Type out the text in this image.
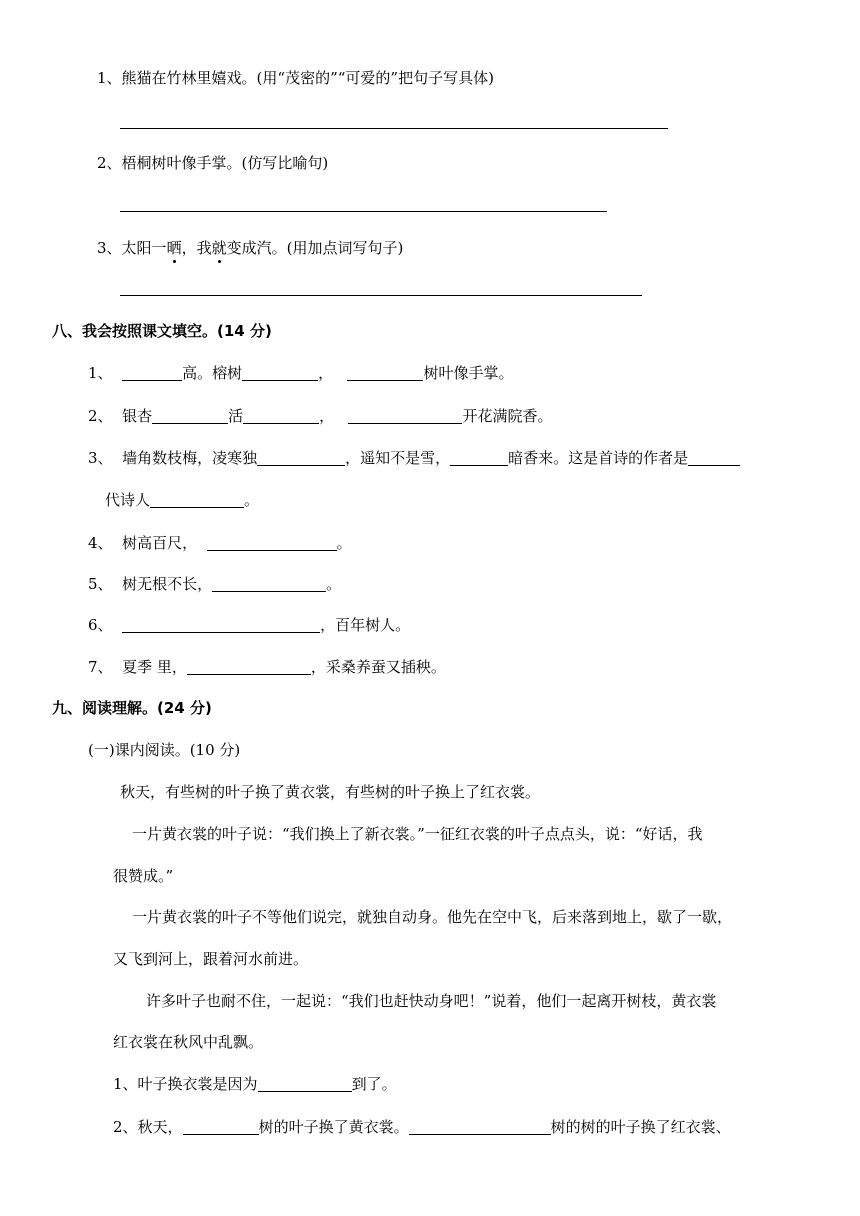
1、熊猫在竹林里嬉戏。(用“茂密的”“可爱的”把句子写具体)
2、梧桐树叶像手掌。(仿写比喻句)
3、太阳一晒，我就变成汽。(用加点词写句子)
八、我会按照课文填空。(14 分)
1、	高。榕树	，	树叶像手掌。
2、 银杏	活	，	开花满院香。
3、 墙角数枝梅，凌寒独	，遥知不是雪，	暗香来。这是首诗的作者是
代诗人	。
4、 树高百尺，	。
5、 树无根不长，	。
6、	，百年树人。
7、 夏季 里，	，采桑养蚕又插秧。
九、阅读理解。(24 分)
(一)课内阅读。(10 分)
秋天，有些树的叶子换了黄衣裳，有些树的叶子换上了红衣裳。
一片黄衣裳的叶子说：“我们换上了新衣裳。”一征红衣裳的叶子点点头，说：“好话，我
很赞成。”
一片黄衣裳的叶子不等他们说完，就独自动身。他先在空中飞，后来落到地上，歇了一歇，
又飞到河上，跟着河水前进。
许多叶子也耐不住，一起说：“我们也赶快动身吧！”说着，他们一起离开树枝，黄衣裳
红衣裳在秋风中乱飘。
1、叶子换衣裳是因为	到了。
2、秋天，	树的叶子换了黄衣裳。	树的树的叶子换了红衣裳、
